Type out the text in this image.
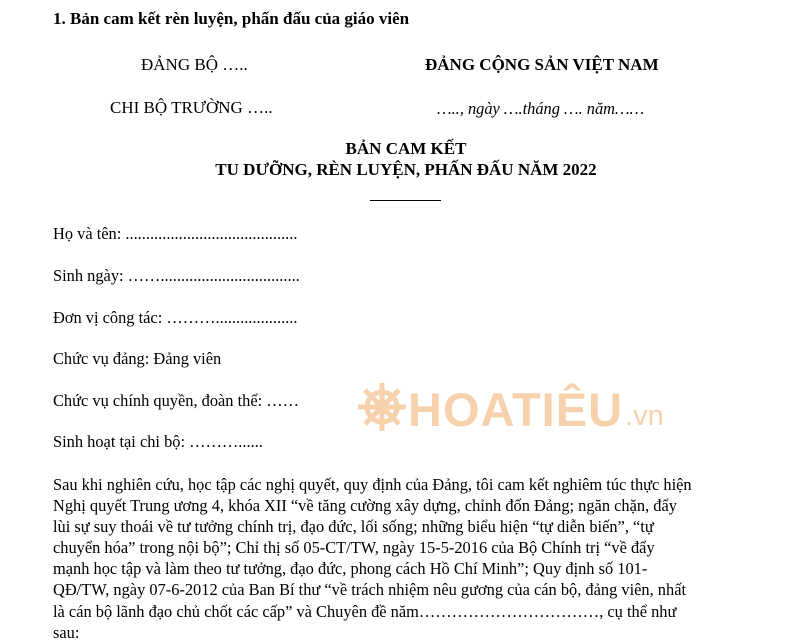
1. Bản cam kết rèn luyện, phấn đấu của giáo viên
ĐẢNG BỘ …..	ĐẢNG CỘNG SẢN VIỆT NAM
CHI BỘ TRƯỜNG …..	….., ngày ….tháng …. năm……
BẢN CAM KẾT
TU DƯỠNG, RÈN LUYỆN, PHẤN ĐẤU NĂM 2022
Họ và tên: ..........................................
Sinh ngày: ……..................................
Đơn vị công tác: ………....................
Chức vụ đảng: Đảng viên
Chức vụ chính quyền, đoàn thể: ……
Sinh hoạt tại chi bộ: ………......
HOATIÊU .vn
Sau khi nghiên cứu, học tập các nghị quyết, quy định của Đảng, tôi cam kết nghiêm túc thực hiện
Nghị quyết Trung ương 4, khóa XII “về tăng cường xây dựng, chỉnh đốn Đảng; ngăn chặn, đẩy
lùi sự suy thoái về tư tưởng chính trị, đạo đức, lối sống; những biểu hiện “tự diễn biến”, “tự
chuyển hóa” trong nội bộ”; Chỉ thị số 05-CT/TW, ngày 15-5-2016 của Bộ Chính trị “về đẩy
mạnh học tập và làm theo tư tưởng, đạo đức, phong cách Hồ Chí Minh”; Quy định số 101-
QĐ/TW, ngày 07-6-2012 của Ban Bí thư “về trách nhiệm nêu gương của cán bộ, đảng viên, nhất
là cán bộ lãnh đạo chủ chốt các cấp” và Chuyên đề năm……………………………, cụ thể như
sau:
